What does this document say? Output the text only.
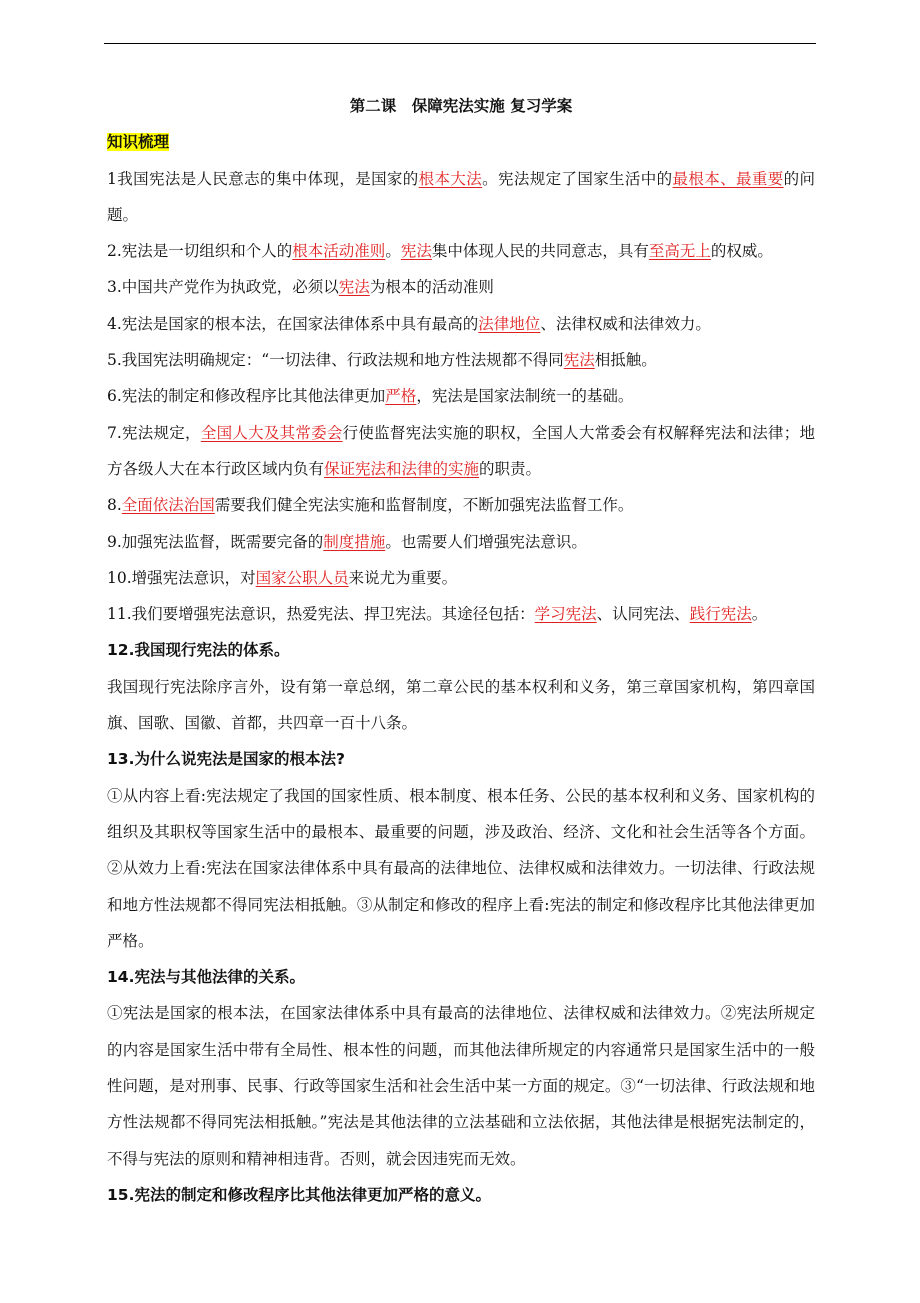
第二课　保障宪法实施 复习学案
知识梳理
1我国宪法是人民意志的集中体现，是国家的根本大法。宪法规定了国家生活中的最根本、最重要的问题。
2.宪法是一切组织和个人的根本活动准则。宪法集中体现人民的共同意志，具有至高无上的权威。
3.中国共产党作为执政党，必须以宪法为根本的活动准则
4.宪法是国家的根本法，在国家法律体系中具有最高的法律地位、法律权威和法律效力。
5.我国宪法明确规定：“一切法律、行政法规和地方性法规都不得同宪法相抵触。
6.宪法的制定和修改程序比其他法律更加严格，宪法是国家法制统一的基础。
7.宪法规定，全国人大及其常委会行使监督宪法实施的职权，全国人大常委会有权解释宪法和法律；地方各级人大在本行政区域内负有保证宪法和法律的实施的职责。
8.全面依法治国需要我们健全宪法实施和监督制度，不断加强宪法监督工作。
9.加强宪法监督，既需要完备的制度措施。也需要人们增强宪法意识。
10.增强宪法意识，对国家公职人员来说尤为重要。
11.我们要增强宪法意识，热爱宪法、捍卫宪法。其途径包括：学习宪法、认同宪法、践行宪法。
12.我国现行宪法的体系。
我国现行宪法除序言外，设有第一章总纲，第二章公民的基本权利和义务，第三章国家机构，第四章国旗、国歌、国徽、首都，共四章一百十八条。
13.为什么说宪法是国家的根本法?
①从内容上看:宪法规定了我国的国家性质、根本制度、根本任务、公民的基本权利和义务、国家机构的组织及其职权等国家生活中的最根本、最重要的问题，涉及政治、经济、文化和社会生活等各个方面。②从效力上看:宪法在国家法律体系中具有最高的法律地位、法律权威和法律效力。一切法律、行政法规和地方性法规都不得同宪法相抵触。③从制定和修改的程序上看:宪法的制定和修改程序比其他法律更加严格。
14.宪法与其他法律的关系。
①宪法是国家的根本法，在国家法律体系中具有最高的法律地位、法律权威和法律效力。②宪法所规定的内容是国家生活中带有全局性、根本性的问题，而其他法律所规定的内容通常只是国家生活中的一般性问题，是对刑事、民事、行政等国家生活和社会生活中某一方面的规定。③“一切法律、行政法规和地方性法规都不得同宪法相抵触。”宪法是其他法律的立法基础和立法依据，其他法律是根据宪法制定的，不得与宪法的原则和精神相违背。否则，就会因违宪而无效。
15.宪法的制定和修改程序比其他法律更加严格的意义。
